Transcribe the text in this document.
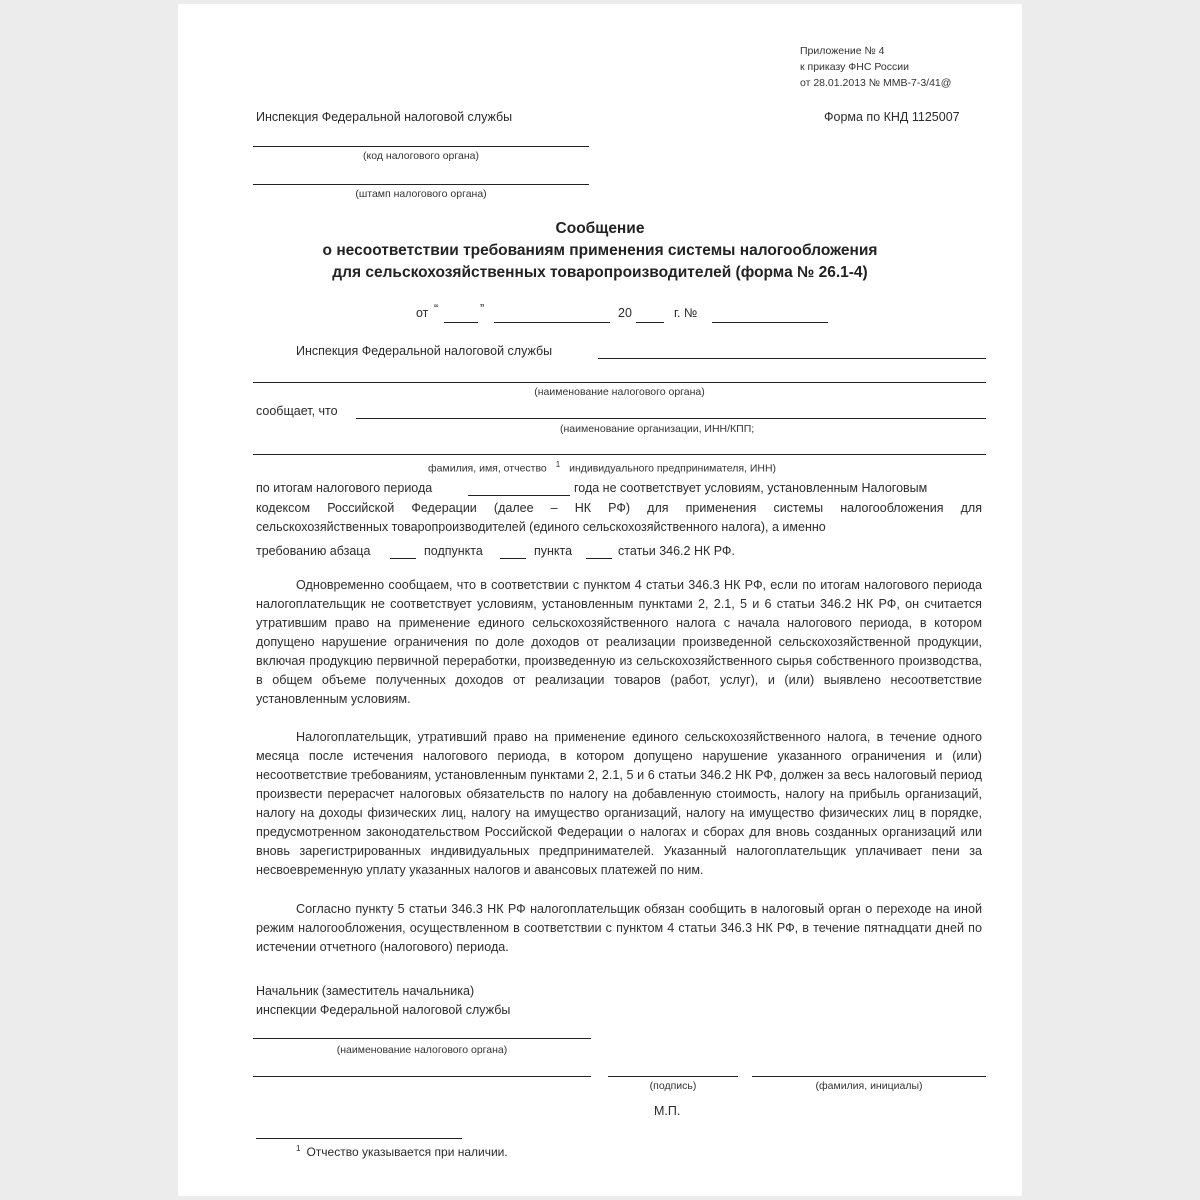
Приложение № 4
к приказу ФНС России
от 28.01.2013 № ММВ-7-3/41@
Инспекция Федеральной налоговой службы	Форма по КНД 1125007
(код налогового органа)
(штамп налогового органа)
Сообщение
о несоответствии требованиям применения системы налогообложения
для сельскохозяйственных товаропроизводителей (форма № 26.1-4)
от “	”	20	г. №
Инспекция Федеральной налоговой службы
(наименование налогового органа)
сообщает, что
(наименование организации, ИНН/КПП;
фамилия, имя, отчество $^1$ индивидуального предпринимателя, ИНН)
по итогам налогового периода	года не соответствует условиям, установленным Налоговым
кодексом Российской Федерации (далее – НК РФ) для применения системы налогообложения для
сельскохозяйственных товаропроизводителей (единого сельскохозяйственного налога), а именно
требованию абзаца	подпункта	пункта	статьи 346.2 НК РФ.
Одновременно сообщаем, что в соответствии с пунктом 4 статьи 346.3 НК РФ, если по итогам налогового периода налогоплательщик не соответствует условиям, установленным пунктами 2, 2.1, 5 и 6 статьи 346.2 НК РФ, он считается утратившим право на применение единого сельскохозяйственного налога с начала налогового периода, в котором допущено нарушение ограничения по доле доходов от реализации произведенной сельскохозяйственной продукции, включая продукцию первичной переработки, произведенную из сельскохозяйственного сырья собственного производства, в общем объеме полученных доходов от реализации товаров (работ, услуг), и (или) выявлено несоответствие установленным условиям.
Налогоплательщик, утративший право на применение единого сельскохозяйственного налога, в течение одного месяца после истечения налогового периода, в котором допущено нарушение указанного ограничения и (или) несоответствие требованиям, установленным пунктами 2, 2.1, 5 и 6 статьи 346.2 НК РФ, должен за весь налоговый период произвести перерасчет налоговых обязательств по налогу на добавленную стоимость, налогу на прибыль организаций, налогу на доходы физических лиц, налогу на имущество организаций, налогу на имущество физических лиц в порядке, предусмотренном законодательством Российской Федерации о налогах и сборах для вновь созданных организаций или вновь зарегистрированных индивидуальных предпринимателей. Указанный налогоплательщик уплачивает пени за несвоевременную уплату указанных налогов и авансовых платежей по ним.
Согласно пункту 5 статьи 346.3 НК РФ налогоплательщик обязан сообщить в налоговый орган о переходе на иной режим налогообложения, осуществленном в соответствии с пунктом 4 статьи 346.3 НК РФ, в течение пятнадцати дней по истечении отчетного (налогового) периода.
Начальник (заместитель начальника)
инспекции Федеральной налоговой службы
(наименование налогового органа)
(подпись)	(фамилия, инициалы)
М.П.
$^1$ Отчество указывается при наличии.
